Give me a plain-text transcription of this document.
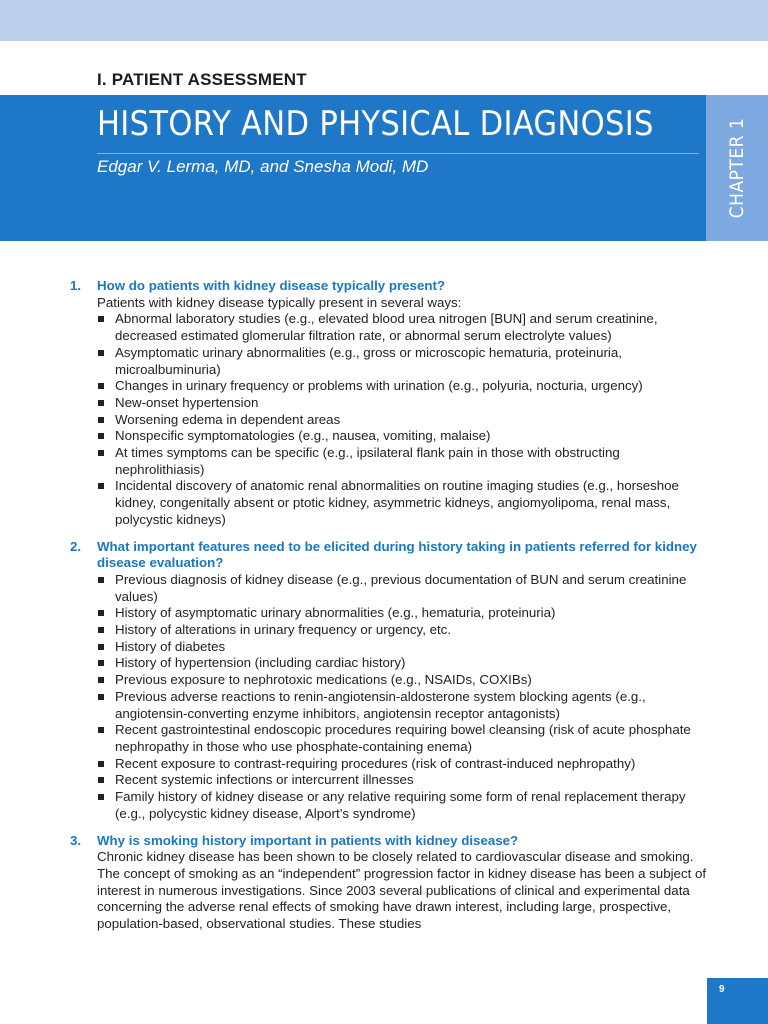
I. PATIENT ASSESSMENT
HISTORY AND PHYSICAL DIAGNOSIS
Edgar V. Lerma, MD, and Snesha Modi, MD	CHAPTER 1
1. How do patients with kidney disease typically present?

Patients with kidney disease typically present in several ways:

Abnormal laboratory studies (e.g., elevated blood urea nitrogen [BUN] and serum creatinine, decreased estimated glomerular filtration rate, or abnormal serum electrolyte values)
Asymptomatic urinary abnormalities (e.g., gross or microscopic hematuria, proteinuria, microalbuminuria)
Changes in urinary frequency or problems with urination (e.g., polyuria, nocturia, urgency)
New-onset hypertension
Worsening edema in dependent areas
Nonspecific symptomatologies (e.g., nausea, vomiting, malaise)
At times symptoms can be specific (e.g., ipsilateral flank pain in those with obstructing nephrolithiasis)
Incidental discovery of anatomic renal abnormalities on routine imaging studies (e.g., horseshoe kidney, congenitally absent or ptotic kidney, asymmetric kidneys, angiomyolipoma, renal mass, polycystic kidneys)
2. What important features need to be elicited during history taking in patients referred for kidney disease evaluation?
Previous diagnosis of kidney disease (e.g., previous documentation of BUN and serum creatinine values)
History of asymptomatic urinary abnormalities (e.g., hematuria, proteinuria)
History of alterations in urinary frequency or urgency, etc.
History of diabetes
History of hypertension (including cardiac history)
Previous exposure to nephrotoxic medications (e.g., NSAIDs, COXIBs)
Previous adverse reactions to renin-angiotensin-aldosterone system blocking agents (e.g., angiotensin-converting enzyme inhibitors, angiotensin receptor antagonists)
Recent gastrointestinal endoscopic procedures requiring bowel cleansing (risk of acute phosphate nephropathy in those who use phosphate-containing enema)
Recent exposure to contrast-requiring procedures (risk of contrast-induced nephropathy)
Recent systemic infections or intercurrent illnesses
Family history of kidney disease or any relative requiring some form of renal replacement therapy (e.g., polycystic kidney disease, Alport’s syndrome)
3. Why is smoking history important in patients with kidney disease?

Chronic kidney disease has been shown to be closely related to cardiovascular disease and smoking. The concept of smoking as an “independent” progression factor in kidney disease has been a subject of interest in numerous investigations. Since 2003 several publications of clinical and experimental data concerning the adverse renal effects of smoking have drawn interest, including large, prospective, population-based, observational studies. These studies

9
